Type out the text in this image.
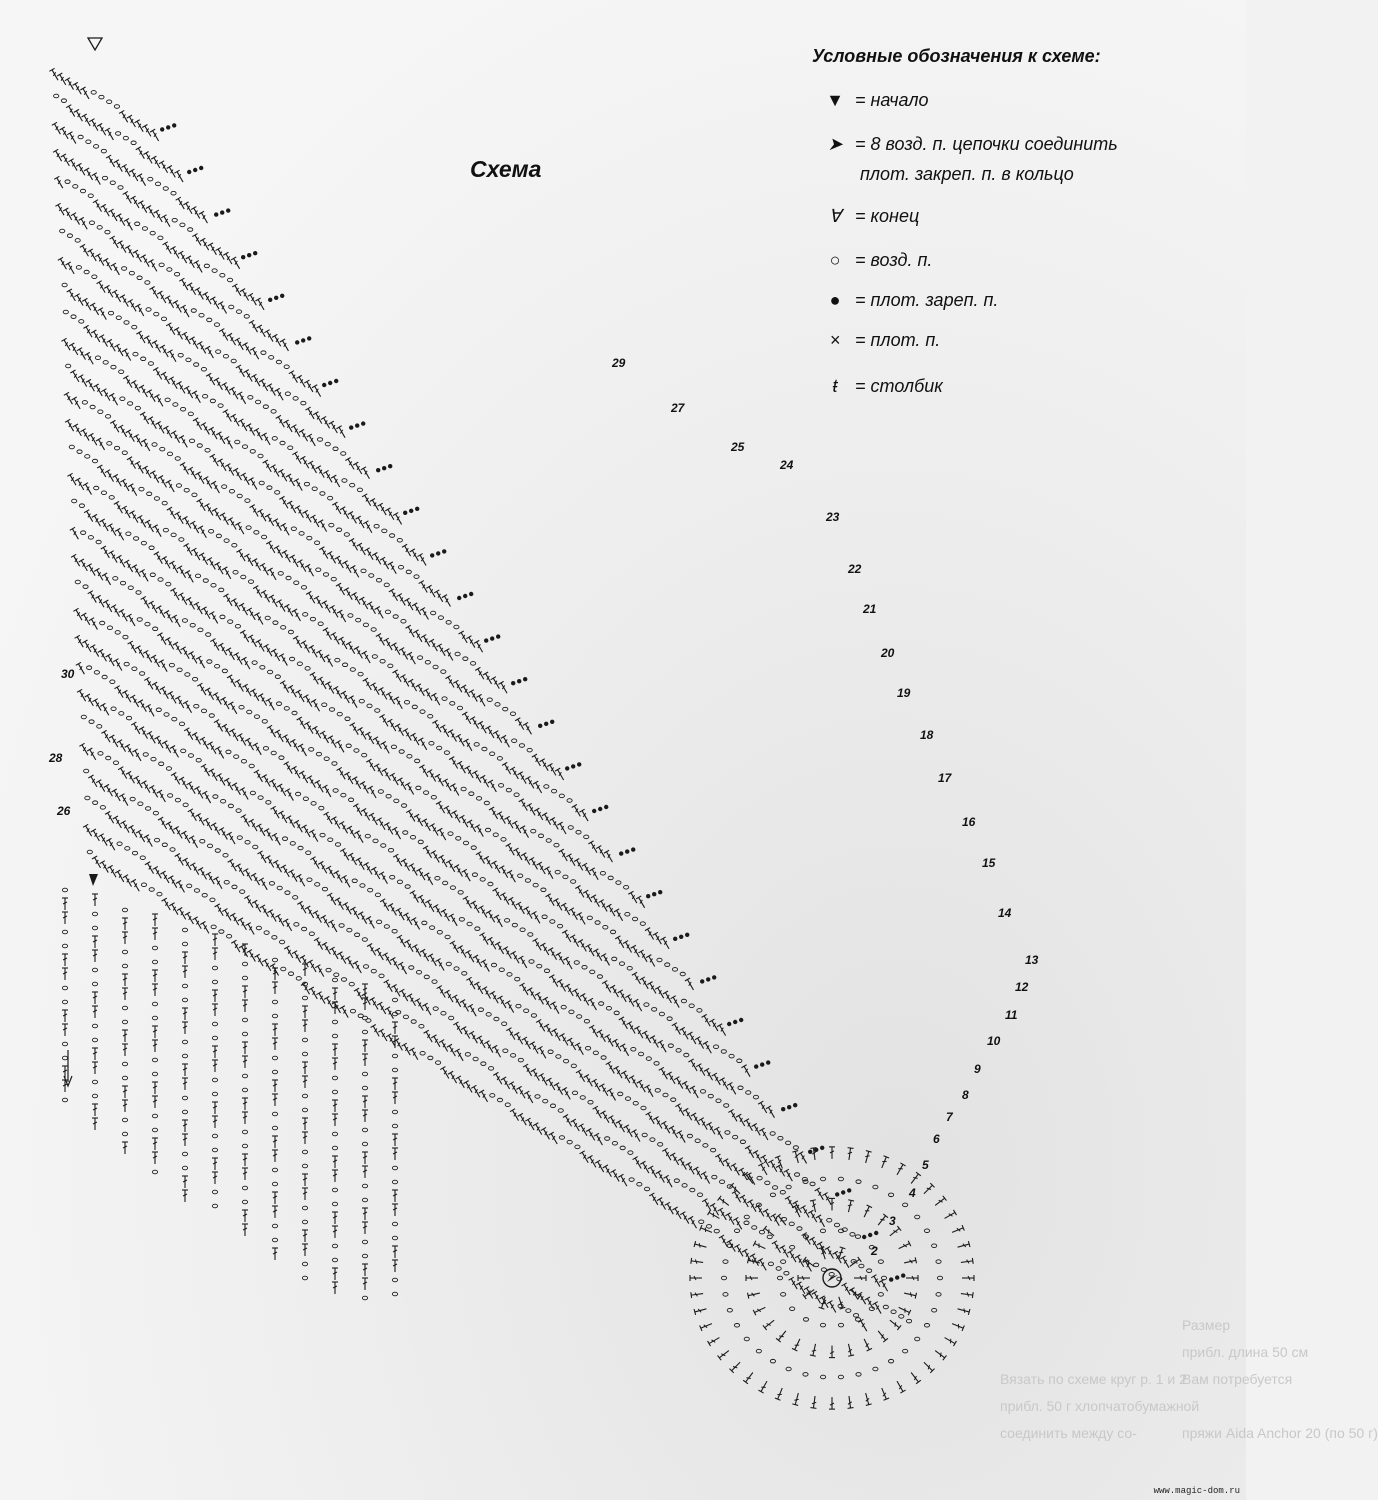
Схема
Условные обозначения к схеме:
▼ = начало
➤ = 8 возд. п. цепочки соединить
плот. закреп. п. в кольцо
∀ = конец
○ = возд. п.
● = плот. зареп. п.
× = плот. п.
ŧ = столбик
2
3
4
5
6
7
8
9
10
11
12
13
14
15
16
17
18
19
20
21
22
23
24
25
26
27
28
29
30
Размер
прибл. длина 50 см
Вам потребуется
пряжи Aida Anchor 20 (по 50 г)
Вязать по схеме круг р. 1 и 2
прибл. 50 г хлопчатобумажной
соединить между со-
www.magic-dom.ru
